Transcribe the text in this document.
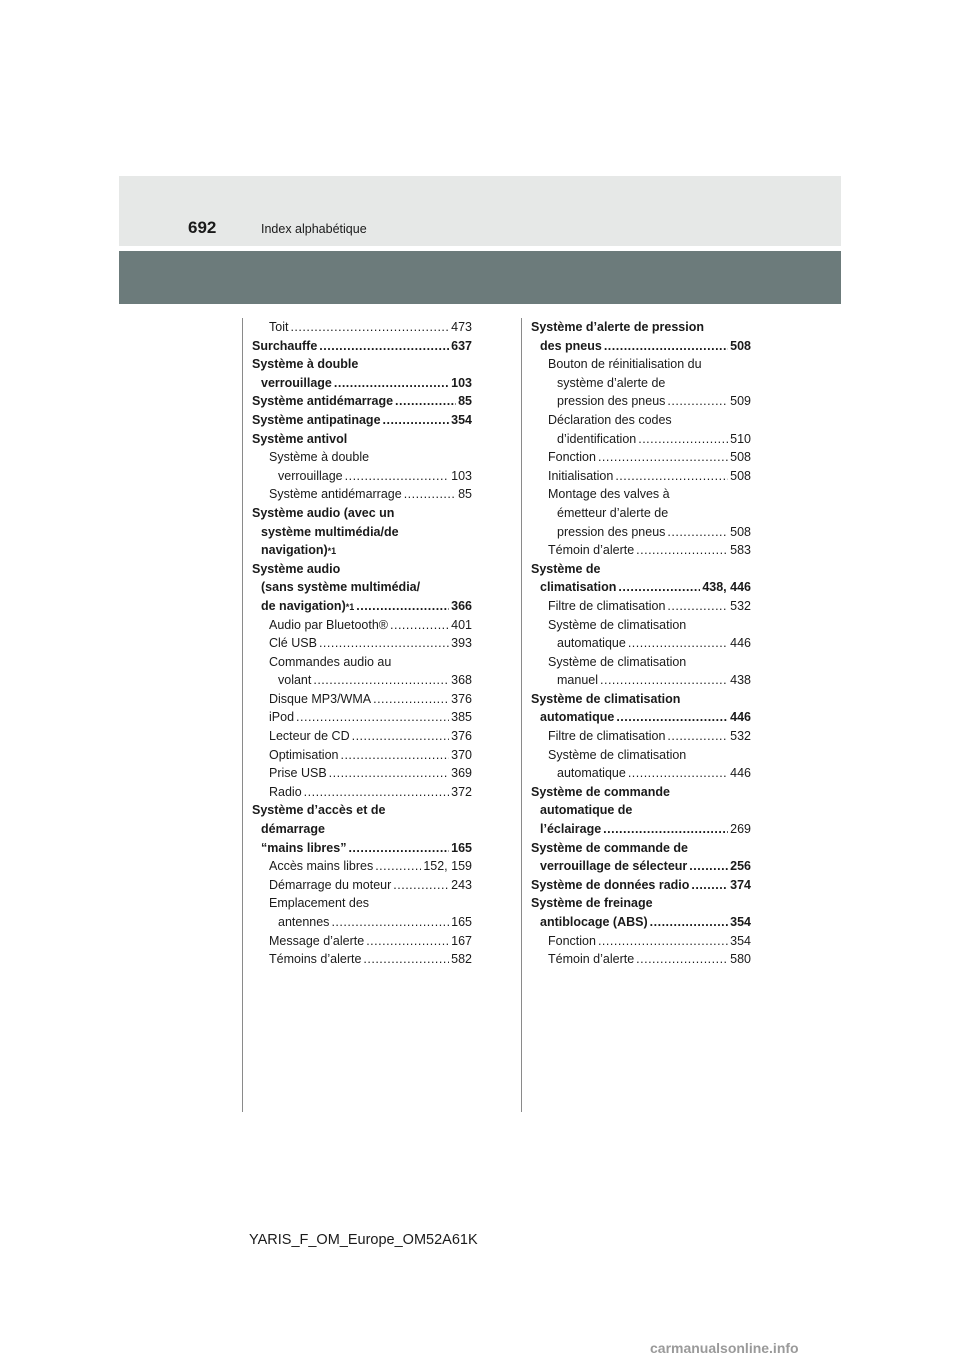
692	Index alphabétique
Toit .....	473
Surchauffe .....	637
Système à double
verrouillage .....	103
Système antidémarrage .....	85
Système antipatinage .....	354
Système antivol
Système à double
verrouillage .....	103
Système antidémarrage .....	85
Système audio (avec un
système multimédia/de
navigation) *1
Système audio
(sans système multimédia/
de navigation) *1 .....	366
Audio par Bluetooth® .....	401
Clé USB .....	393
Commandes audio au
volant .....	368
Disque MP3/WMA .....	376
iPod .....	385
Lecteur de CD .....	376
Optimisation .....	370
Prise USB .....	369
Radio .....	372
Système d’accès et de
démarrage
“mains libres” .....	165
Accès mains libres .....	152, 159
Démarrage du moteur .....	243
Emplacement des
antennes .....	165
Message d’alerte .....	167
Témoins d’alerte .....	582
Système d’alerte de pression
des pneus .....	508
Bouton de réinitialisation du
système d’alerte de
pression des pneus .....	509
Déclaration des codes
d’identification .....	510
Fonction .....	508
Initialisation .....	508
Montage des valves à
émetteur d’alerte de
pression des pneus .....	508
Témoin d’alerte .....	583
Système de
climatisation .....	438, 446
Filtre de climatisation .....	532
Système de climatisation
automatique .....	446
Système de climatisation
manuel .....	438
Système de climatisation
automatique .....	446
Filtre de climatisation .....	532
Système de climatisation
automatique .....	446
Système de commande
automatique de
l’éclairage .....	269
Système de commande de
verrouillage de sélecteur .....	256
Système de données radio .....	374
Système de freinage
antiblocage (ABS) .....	354
Fonction .....	354
Témoin d’alerte .....	580
YARIS_F_OM_Europe_OM52A61K
carmanualsonline.info
